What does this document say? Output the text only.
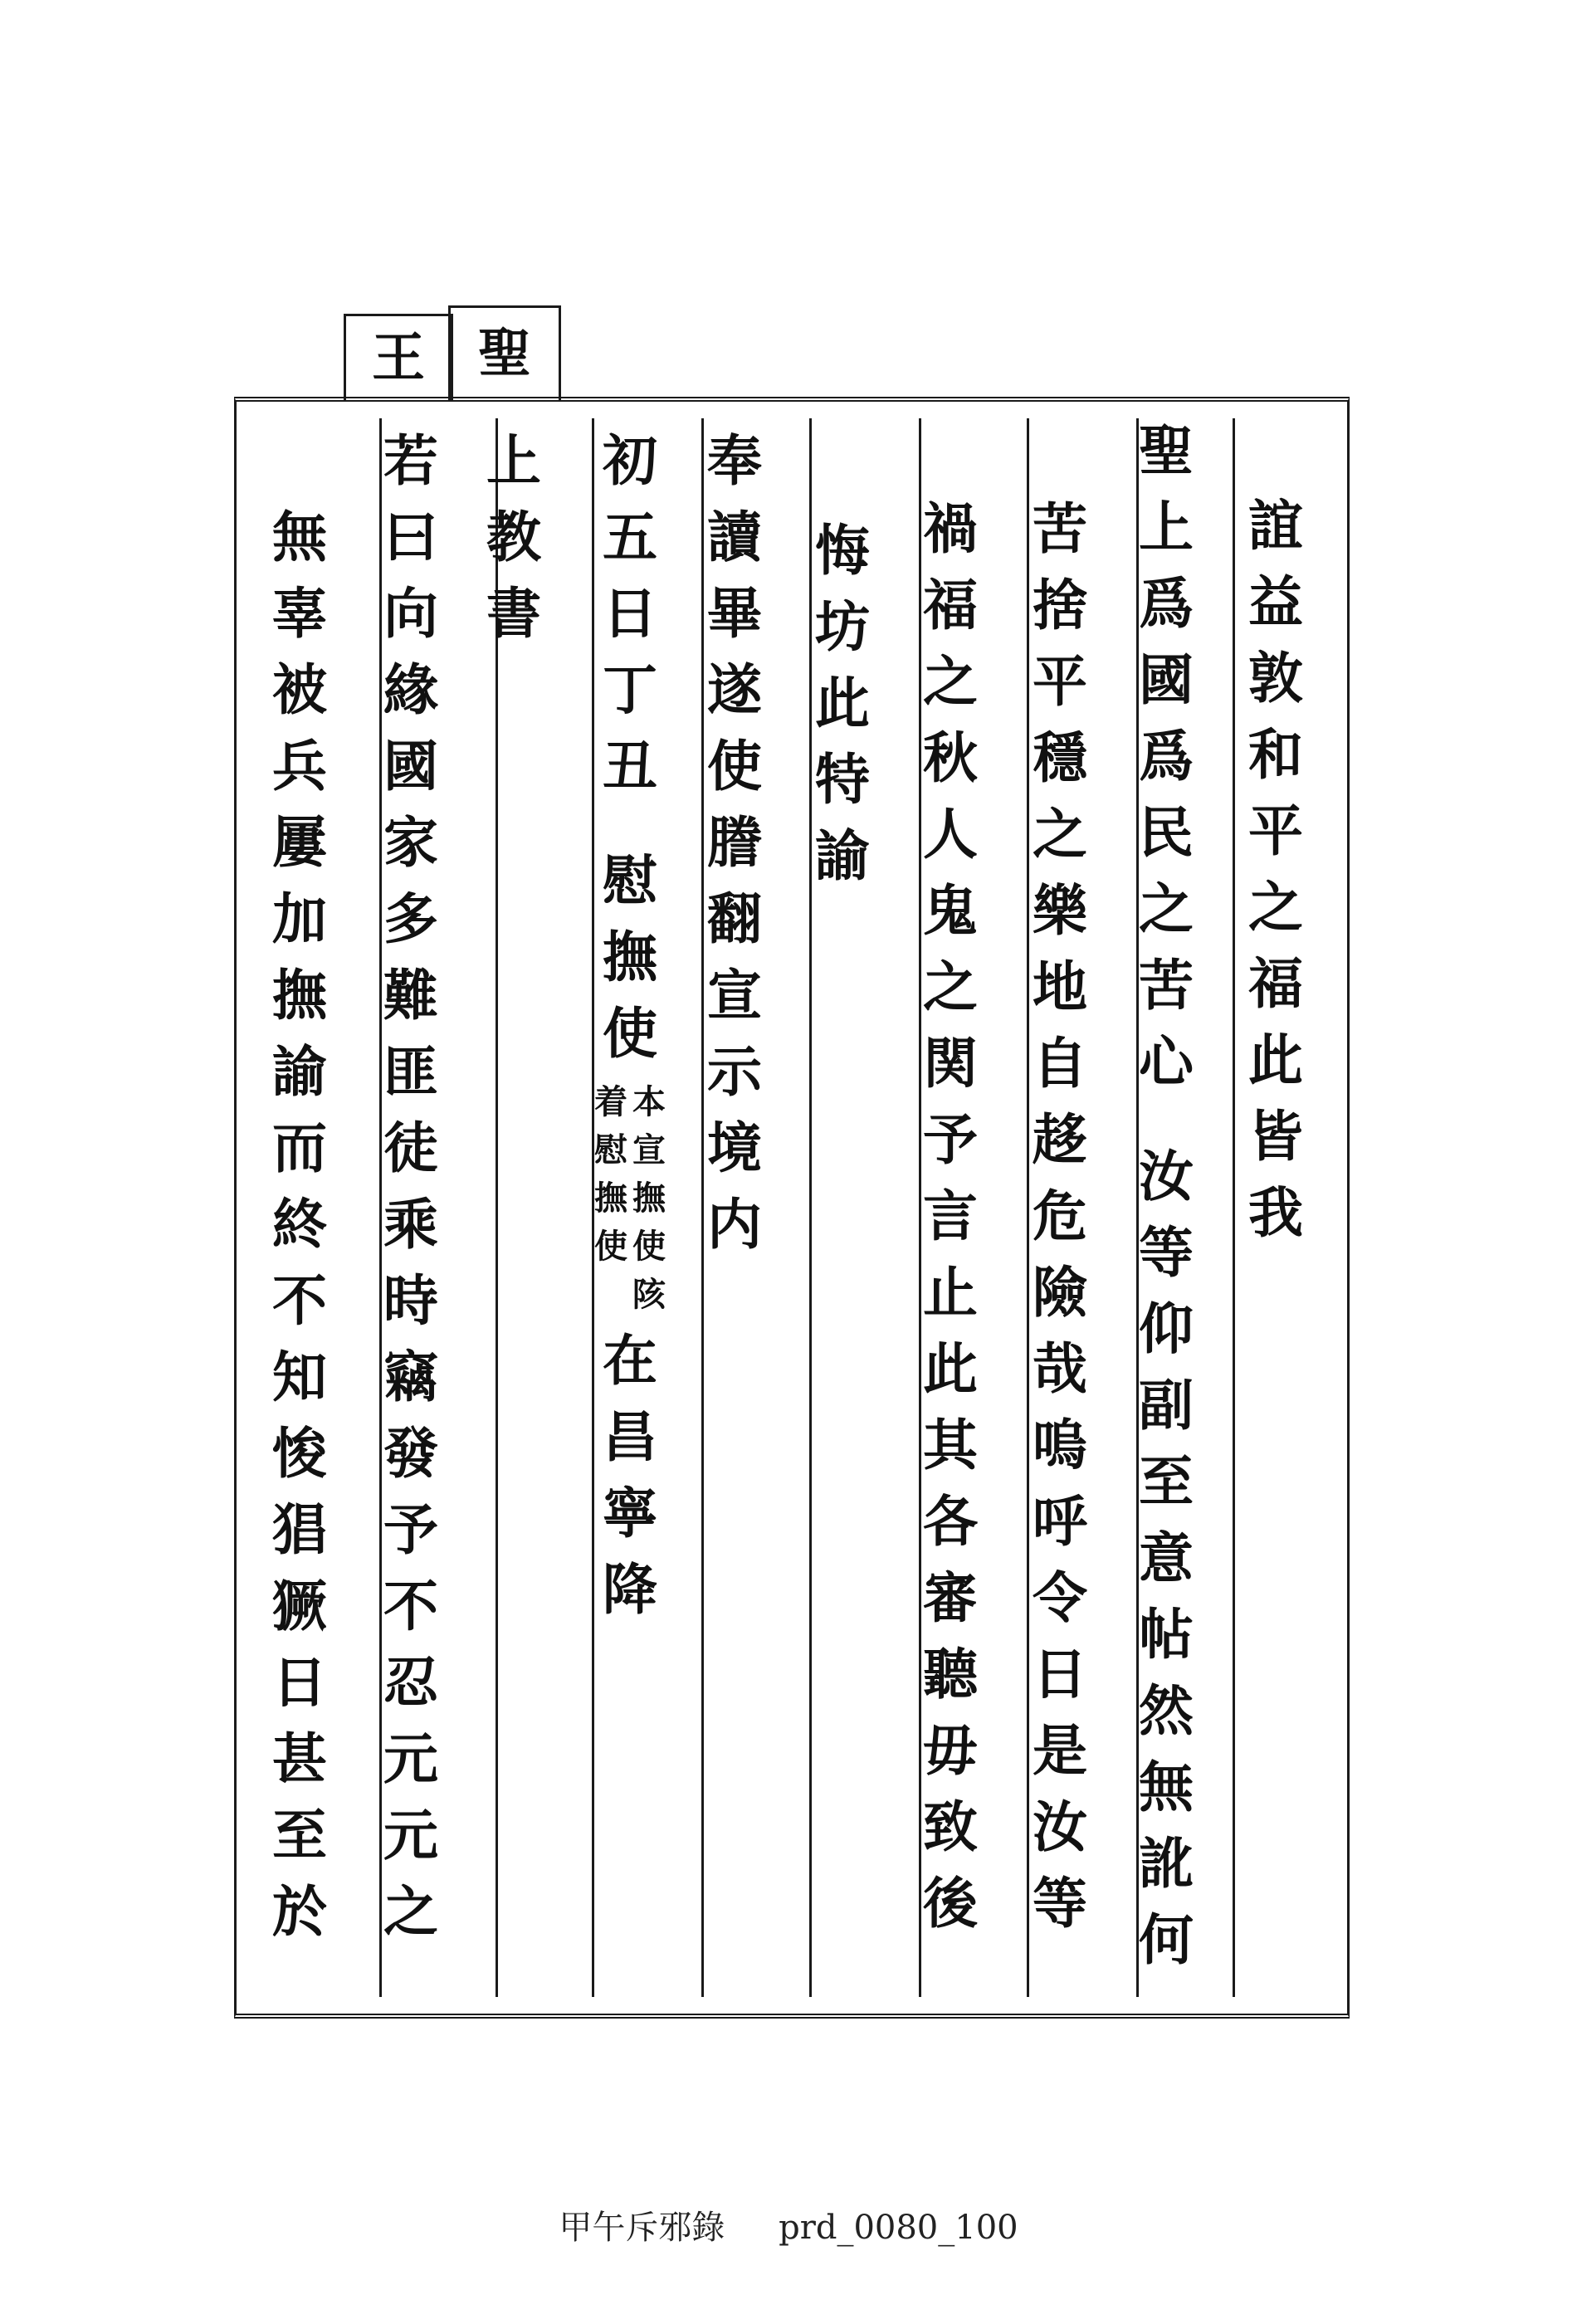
聖
王
誼
益
敦
和
平
之
福
此
皆
我
聖
上
爲
國
爲
民
之
苦
心
汝
等
仰
副
至
意
帖
然
無
訛
何
苦
捨
平
穩
之
樂
地
自
趍
危
險
哉
嗚
呼
令
日
是
汝
等
禍
福
之
秋
人
鬼
之
関
予
言
止
此
其
各
審
聽
毋
致
後
悔
坊
此
特
諭
奉
讀
畢
遂
使
謄
翻
宣
示
境
内
初
五
日
丁
丑
慰
撫
使
本
宣
撫
使
陔
着
慰
撫
使
在
昌
寧
降
上
教
書
若
曰
向
緣
國
家
多
難
匪
徒
乘
時
竊
發
予
不
忍
元
元
之
無
辜
被
兵
屢
加
撫
諭
而
終
不
知
悛
猖
獗
日
甚
至
於
甲午斥邪錄 prd_0080_100
